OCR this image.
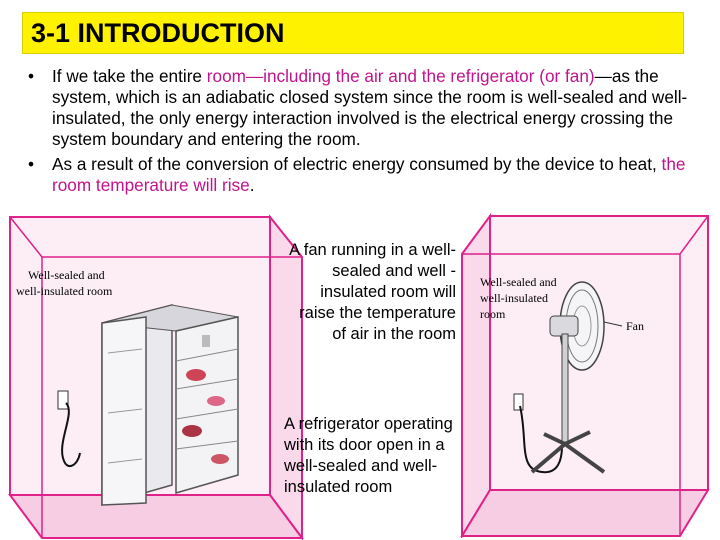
3-1 INTRODUCTION
• If we take the entire room—including the air and the refrigerator (or fan)—as the system, which is an adiabatic closed system since the room is well-sealed and well-insulated, the only energy interaction involved is the electrical energy crossing the system boundary and entering the room.
• As a result of the conversion of electric energy consumed by the device to heat, the room temperature will rise.
Well-sealed and
well-insulated room
A fan running in a well-sealed and well -insulated room will raise the temperature of air in the room
A refrigerator operating with its door open in a well-sealed and well-insulated room
Well-sealed and
well-insulated
room
Fan
